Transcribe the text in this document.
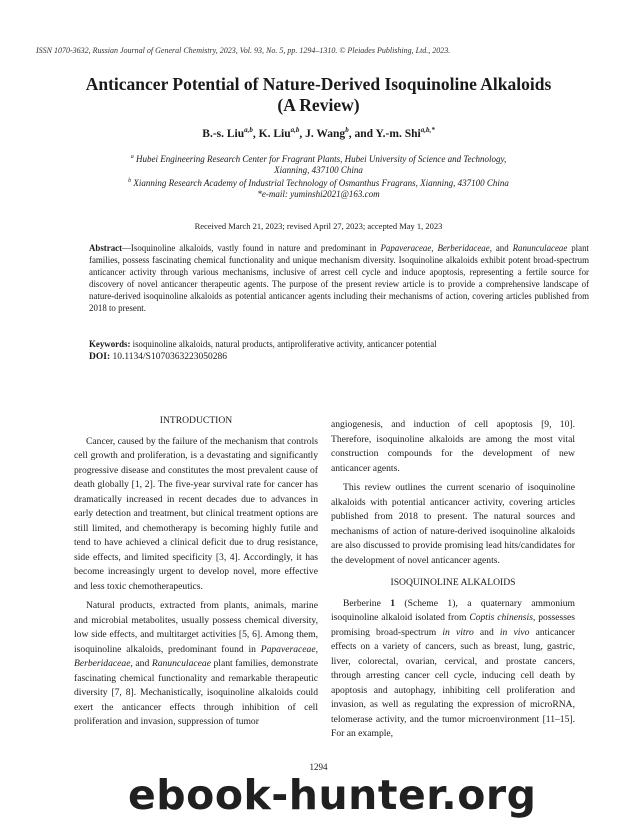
ISSN 1070-3632, Russian Journal of General Chemistry, 2023, Vol. 93, No. 5, pp. 1294–1310. © Pleiades Publishing, Ltd., 2023.
Anticancer Potential of Nature-Derived Isoquinoline Alkaloids
(A Review)
B.-s. Liu$^{a,b}$, K. Liu$^{a,b}$, J. Wang$^b$, and Y.-m. Shi$^{a,b,*}$
$^a$ Hubei Engineering Research Center for Fragrant Plants, Hubei University of Science and Technology,
Xianning, 437100 China
$^b$ Xianning Research Academy of Industrial Technology of Osmanthus Fragrans, Xianning, 437100 China
*e-mail: yuminshi2021@163.com
Received March 21, 2023; revised April 27, 2023; accepted May 1, 2023
Abstract—Isoquinoline alkaloids, vastly found in nature and predominant in Papaveraceae, Berberidaceae, and Ranunculaceae plant families, possess fascinating chemical functionality and unique mechanism diversity. Isoquinoline alkaloids exhibit potent broad-spectrum anticancer activity through various mechanisms, inclusive of arrest cell cycle and induce apoptosis, representing a fertile source for discovery of novel anticancer therapeutic agents. The purpose of the present review article is to provide a comprehensive landscape of nature-derived isoquinoline alkaloids as potential anticancer agents including their mechanisms of action, covering articles published from 2018 to present.
Keywords: isoquinoline alkaloids, natural products, antiproliferative activity, anticancer potential
DOI: 10.1134/S1070363223050286
INTRODUCTION

Cancer, caused by the failure of the mechanism that controls cell growth and proliferation, is a devastating and significantly progressive disease and constitutes the most prevalent cause of death globally [1, 2]. The five-year survival rate for cancer has dramatically increased in recent decades due to advances in early detection and treatment, but clinical treatment options are still limited, and chemotherapy is becoming highly futile and tend to have achieved a clinical deficit due to drug resistance, side effects, and limited specificity [3, 4]. Accordingly, it has become increasingly urgent to develop novel, more effective and less toxic chemotherapeutics.

Natural products, extracted from plants, animals, marine and microbial metabolites, usually possess chemical diversity, low side effects, and multitarget activities [5, 6]. Among them, isoquinoline alkaloids, predominant found in Papaveraceae, Berberidaceae, and Ranunculaceae plant families, demonstrate fascinating chemical functionality and remarkable therapeutic diversity [7, 8]. Mechanistically, isoquinoline alkaloids could exert the anticancer effects through inhibition of cell proliferation and invasion, suppression of tumor

angiogenesis, and induction of cell apoptosis [9, 10]. Therefore, isoquinoline alkaloids are among the most vital construction compounds for the development of new anticancer agents.

This review outlines the current scenario of isoquinoline alkaloids with potential anticancer activity, covering articles published from 2018 to present. The natural sources and mechanisms of action of nature-derived isoquinoline alkaloids are also discussed to provide promising lead hits/candidates for the development of novel anticancer agents.

ISOQUINOLINE ALKALOIDS

Berberine 1 (Scheme 1), a quaternary ammonium isoquinoline alkaloid isolated from Coptis chinensis, possesses promising broad-spectrum in vitro and in vivo anticancer effects on a variety of cancers, such as breast, lung, gastric, liver, colorectal, ovarian, cervical, and prostate cancers, through arresting cancer cell cycle, inducing cell death by apoptosis and autophagy, inhibiting cell proliferation and invasion, as well as regulating the expression of microRNA, telomerase activity, and the tumor microenvironment [11–15]. For an example,

1294
ebook-hunter.org
